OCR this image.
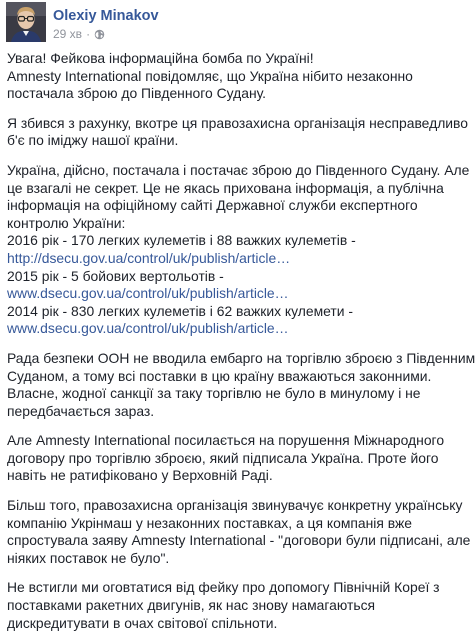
Olexiy Minakov
29 хв ·
Увага! Фейкова інформаційна бомба по Україні!
Amnesty International повідомляє, що Україна нібито незаконно
постачала зброю до Південного Судану.
Я збився з рахунку, вкотре ця правозахисна організація несправедливо
б'є по іміджу нашої країни.
Україна, дійсно, постачала і постачає зброю до Південного Судану. Але
це взагалі не секрет. Це не якась прихована інформація, а публічна
інформація на офіційному сайті Державної служби експертного
контролю України:
2016 рік - 170 легких кулеметів і 88 важких кулеметів -
http://dsecu.gov.ua/control/uk/publish/article…
2015 рік - 5 бойових вертольотів -
www.dsecu.gov.ua/control/uk/publish/article…
2014 рік - 830 легких кулеметів і 62 важких кулемети -
www.dsecu.gov.ua/control/uk/publish/article…
Рада безпеки ООН не вводила ембарго на торгівлю зброєю з Південним
Суданом, а тому всі поставки в цю країну вважаються законними.
Власне, жодної санкції за таку торгівлю не було в минулому і не
передбачається зараз.
Але Amnesty International посилається на порушення Міжнародного
договору про торгівлю зброєю, який підписала Україна. Проте його
навіть не ратифіковано у Верховній Раді.
Більш того, правозахисна організація звинувачує конкретну українську
компанію Укрінмаш у незаконних поставках, а ця компанія вже
спростувала заяву Amnesty International - "договори були підписані, але
ніяких поставок не було".
Не встигли ми оговтатися від фейку про допомогу Північній Кореї з
поставками ракетних двигунів, як нас знову намагаються
дискредитувати в очах світової спільноти.
